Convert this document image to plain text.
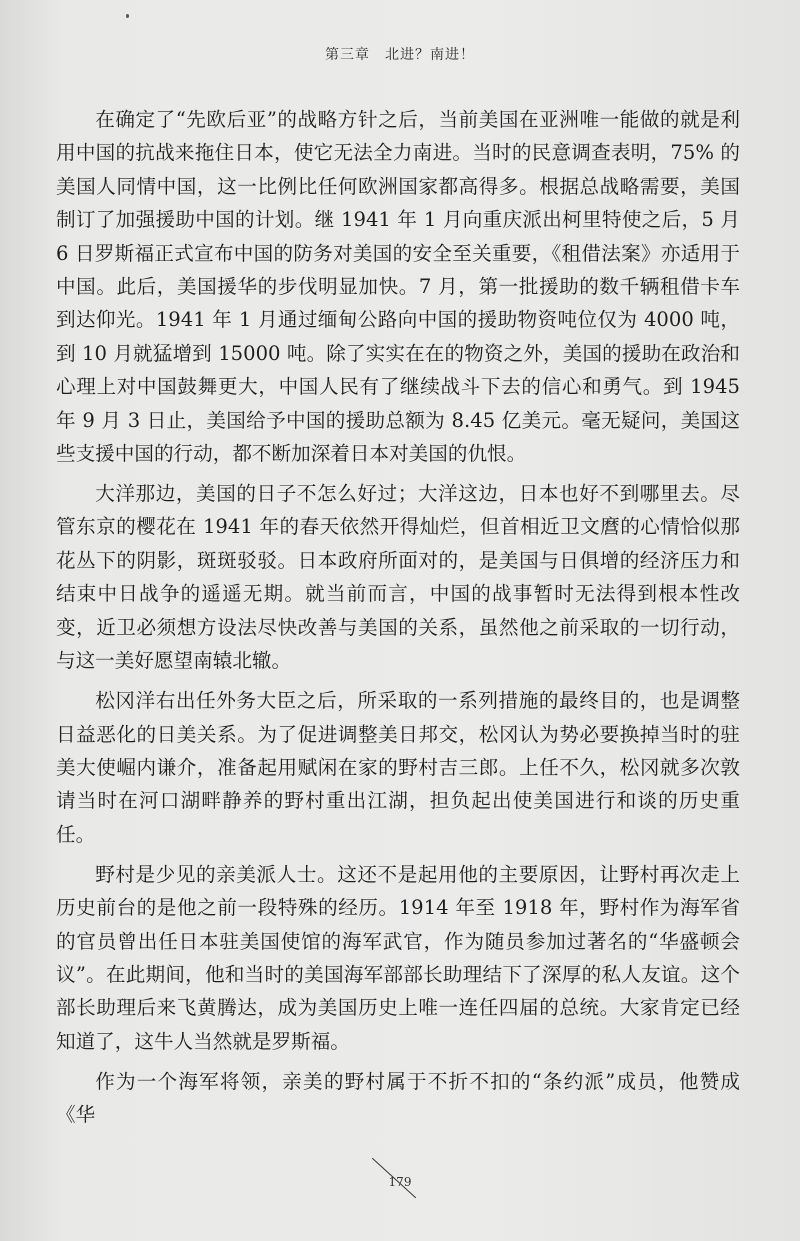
第三章　北进？南进！

在确定了“先欧后亚”的战略方针之后，当前美国在亚洲唯一能做的就是利用中国的抗战来拖住日本，使它无法全力南进。当时的民意调查表明，75% 的美国人同情中国，这一比例比任何欧洲国家都高得多。根据总战略需要，美国制订了加强援助中国的计划。继 1941 年 1 月向重庆派出柯里特使之后，5 月 6 日罗斯福正式宣布中国的防务对美国的安全至关重要，《租借法案》亦适用于中国。此后，美国援华的步伐明显加快。7 月，第一批援助的数千辆租借卡车到达仰光。1941 年 1 月通过缅甸公路向中国的援助物资吨位仅为 4000 吨，到 10 月就猛增到 15000 吨。除了实实在在的物资之外，美国的援助在政治和心理上对中国鼓舞更大，中国人民有了继续战斗下去的信心和勇气。到 1945 年 9 月 3 日止，美国给予中国的援助总额为 8.45 亿美元。毫无疑问，美国这些支援中国的行动，都不断加深着日本对美国的仇恨。

大洋那边，美国的日子不怎么好过；大洋这边，日本也好不到哪里去。尽管东京的樱花在 1941 年的春天依然开得灿烂，但首相近卫文麿的心情恰似那花丛下的阴影，斑斑驳驳。日本政府所面对的，是美国与日俱增的经济压力和结束中日战争的遥遥无期。就当前而言，中国的战事暂时无法得到根本性改变，近卫必须想方设法尽快改善与美国的关系，虽然他之前采取的一切行动，与这一美好愿望南辕北辙。

松冈洋右出任外务大臣之后，所采取的一系列措施的最终目的，也是调整日益恶化的日美关系。为了促进调整美日邦交，松冈认为势必要换掉当时的驻美大使崛内谦介，准备起用赋闲在家的野村吉三郎。上任不久，松冈就多次敦请当时在河口湖畔静养的野村重出江湖，担负起出使美国进行和谈的历史重任。

野村是少见的亲美派人士。这还不是起用他的主要原因，让野村再次走上历史前台的是他之前一段特殊的经历。1914 年至 1918 年，野村作为海军省的官员曾出任日本驻美国使馆的海军武官，作为随员参加过著名的“华盛顿会议”。在此期间，他和当时的美国海军部部长助理结下了深厚的私人友谊。这个部长助理后来飞黄腾达，成为美国历史上唯一连任四届的总统。大家肯定已经知道了，这牛人当然就是罗斯福。

作为一个海军将领，亲美的野村属于不折不扣的“条约派”成员，他赞成《华

179
